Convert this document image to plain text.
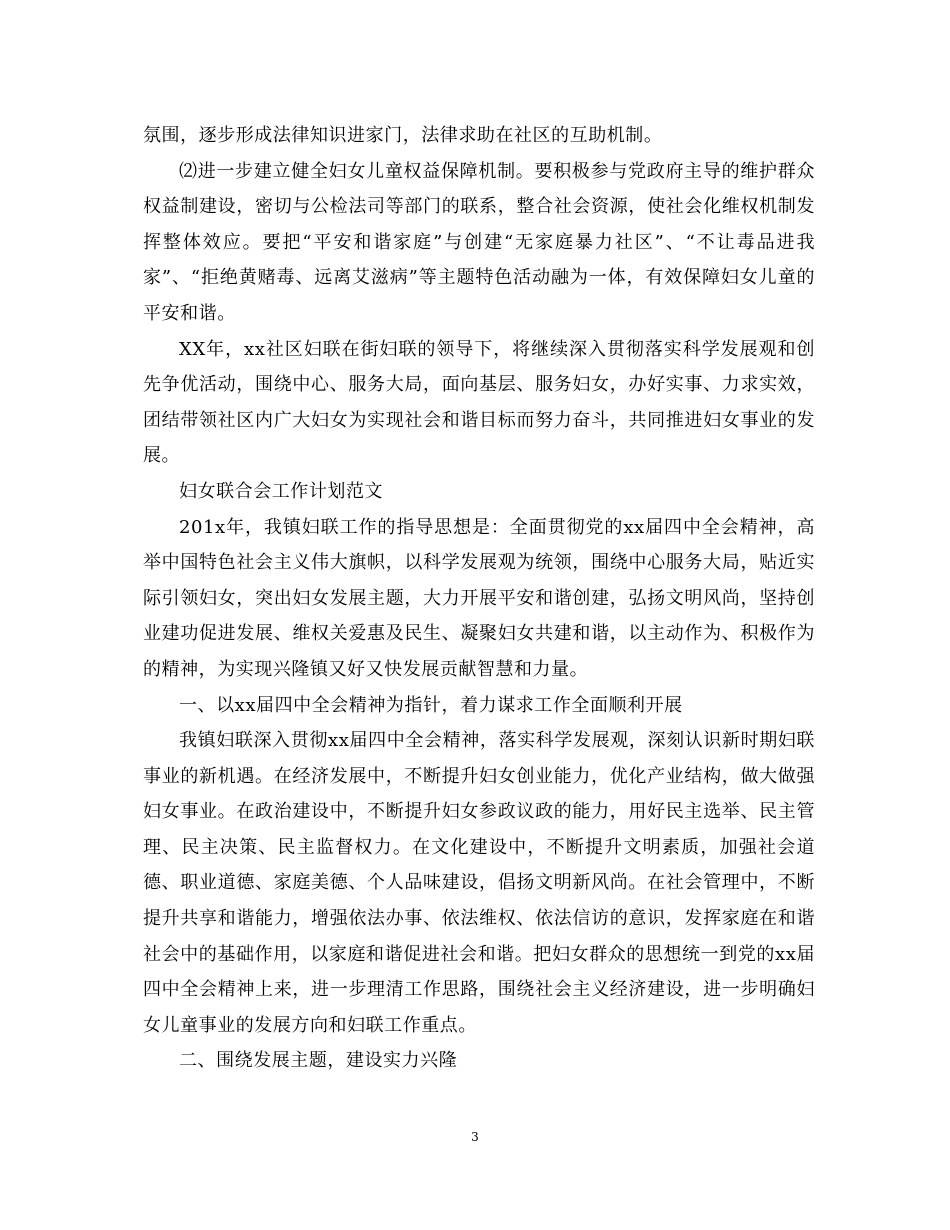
氛围，逐步形成法律知识进家门，法律求助在社区的互助机制。

⑵进一步建立健全妇女儿童权益保障机制。要积极参与党政府主导的维护群众权益制建设，密切与公检法司等部门的联系，整合社会资源，使社会化维权机制发挥整体效应。要把“平安和谐家庭”与创建“无家庭暴力社区”、“不让毒品进我家”、“拒绝黄赌毒、远离艾滋病”等主题特色活动融为一体，有效保障妇女儿童的平安和谐。

XX年，xx社区妇联在街妇联的领导下，将继续深入贯彻落实科学发展观和创先争优活动，围绕中心、服务大局，面向基层、服务妇女，办好实事、力求实效，团结带领社区内广大妇女为实现社会和谐目标而努力奋斗，共同推进妇女事业的发展。

妇女联合会工作计划范文

201x年，我镇妇联工作的指导思想是：全面贯彻党的xx届四中全会精神，高举中国特色社会主义伟大旗帜，以科学发展观为统领，围绕中心服务大局，贴近实际引领妇女，突出妇女发展主题，大力开展平安和谐创建，弘扬文明风尚，坚持创业建功促进发展、维权关爱惠及民生、凝聚妇女共建和谐，以主动作为、积极作为的精神，为实现兴隆镇又好又快发展贡献智慧和力量。

一、以xx届四中全会精神为指针，着力谋求工作全面顺利开展

我镇妇联深入贯彻xx届四中全会精神，落实科学发展观，深刻认识新时期妇联事业的新机遇。在经济发展中，不断提升妇女创业能力，优化产业结构，做大做强妇女事业。在政治建设中，不断提升妇女参政议政的能力，用好民主选举、民主管理、民主决策、民主监督权力。在文化建设中，不断提升文明素质，加强社会道德、职业道德、家庭美德、个人品味建设，倡扬文明新风尚。在社会管理中，不断提升共享和谐能力，增强依法办事、依法维权、依法信访的意识，发挥家庭在和谐社会中的基础作用，以家庭和谐促进社会和谐。把妇女群众的思想统一到党的xx届四中全会精神上来，进一步理清工作思路，围绕社会主义经济建设，进一步明确妇女儿童事业的发展方向和妇联工作重点。

二、围绕发展主题，建设实力兴隆

3
